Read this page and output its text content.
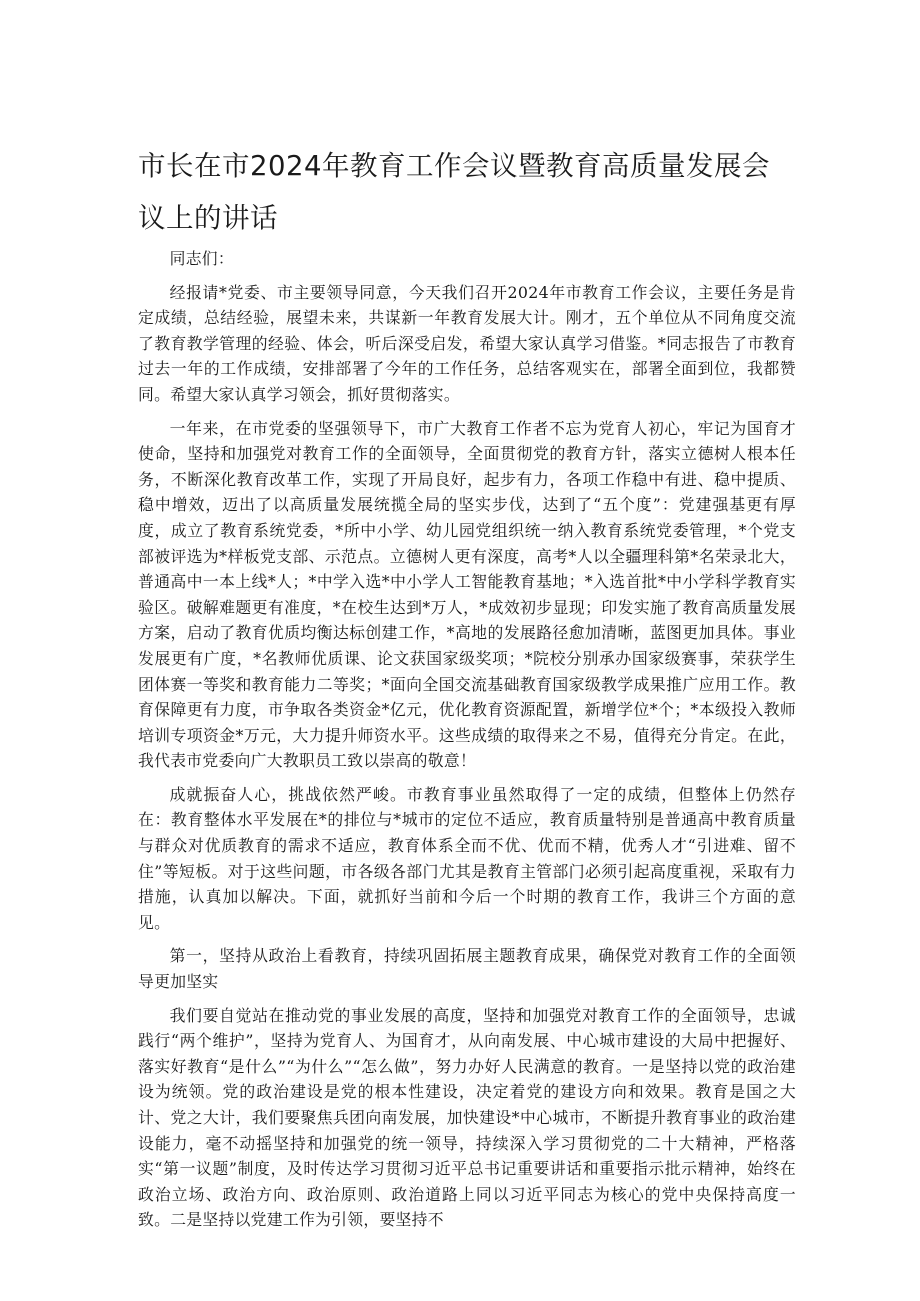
市长在市2024年教育工作会议暨教育高质量发展会议上的讲话

同志们：

经报请*党委、市主要领导同意，今天我们召开2024年市教育工作会议，主要任务是肯定成绩，总结经验，展望未来，共谋新一年教育发展大计。刚才，五个单位从不同角度交流了教育教学管理的经验、体会，听后深受启发，希望大家认真学习借鉴。*同志报告了市教育过去一年的工作成绩，安排部署了今年的工作任务，总结客观实在，部署全面到位，我都赞同。希望大家认真学习领会，抓好贯彻落实。

一年来，在市党委的坚强领导下，市广大教育工作者不忘为党育人初心，牢记为国育才使命，坚持和加强党对教育工作的全面领导，全面贯彻党的教育方针，落实立德树人根本任务，不断深化教育改革工作，实现了开局良好，起步有力，各项工作稳中有进、稳中提质、稳中增效，迈出了以高质量发展统揽全局的坚实步伐，达到了“五个度”：党建强基更有厚度，成立了教育系统党委，*所中小学、幼儿园党组织统一纳入教育系统党委管理，*个党支部被评选为*样板党支部、示范点。立德树人更有深度，高考*人以全疆理科第*名荣录北大，普通高中一本上线*人；*中学入选*中小学人工智能教育基地；*入选首批*中小学科学教育实验区。破解难题更有准度，*在校生达到*万人，*成效初步显现；印发实施了教育高质量发展方案，启动了教育优质均衡达标创建工作，*高地的发展路径愈加清晰，蓝图更加具体。事业发展更有广度，*名教师优质课、论文获国家级奖项；*院校分别承办国家级赛事，荣获学生团体赛一等奖和教育能力二等奖；*面向全国交流基础教育国家级教学成果推广应用工作。教育保障更有力度，市争取各类资金*亿元，优化教育资源配置，新增学位*个；*本级投入教师培训专项资金*万元，大力提升师资水平。这些成绩的取得来之不易，值得充分肯定。在此，我代表市党委向广大教职员工致以崇高的敬意！

成就振奋人心，挑战依然严峻。市教育事业虽然取得了一定的成绩，但整体上仍然存在：教育整体水平发展在*的排位与*城市的定位不适应，教育质量特别是普通高中教育质量与群众对优质教育的需求不适应，教育体系全而不优、优而不精，优秀人才“引进难、留不住”等短板。对于这些问题，市各级各部门尤其是教育主管部门必须引起高度重视，采取有力措施，认真加以解决。下面，就抓好当前和今后一个时期的教育工作，我讲三个方面的意见。

第一，坚持从政治上看教育，持续巩固拓展主题教育成果，确保党对教育工作的全面领导更加坚实

我们要自觉站在推动党的事业发展的高度，坚持和加强党对教育工作的全面领导，忠诚践行“两个维护”，坚持为党育人、为国育才，从向南发展、中心城市建设的大局中把握好、落实好教育“是什么”“为什么”“怎么做”，努力办好人民满意的教育。一是坚持以党的政治建设为统领。党的政治建设是党的根本性建设，决定着党的建设方向和效果。教育是国之大计、党之大计，我们要聚焦兵团向南发展，加快建设*中心城市，不断提升教育事业的政治建设能力，毫不动摇坚持和加强党的统一领导，持续深入学习贯彻党的二十大精神，严格落实“第一议题”制度，及时传达学习贯彻习近平总书记重要讲话和重要指示批示精神，始终在政治立场、政治方向、政治原则、政治道路上同以习近平同志为核心的党中央保持高度一致。二是坚持以党建工作为引领，要坚持不
